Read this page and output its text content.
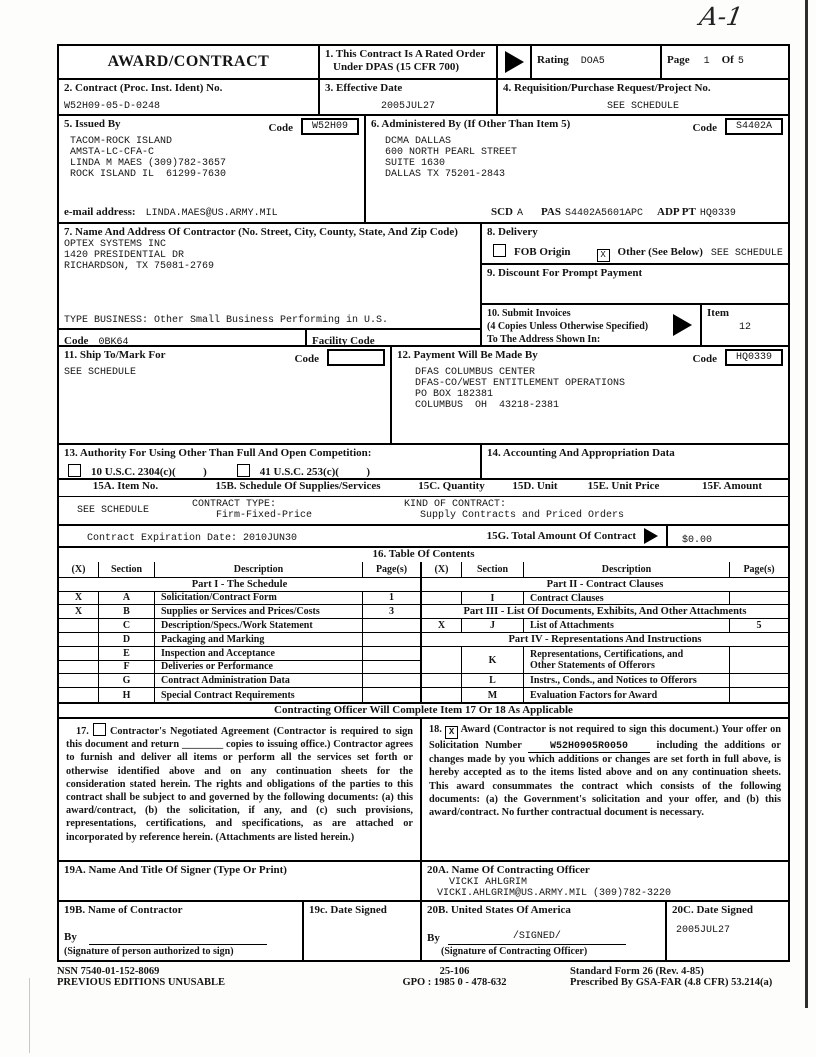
A-1
AWARD/CONTRACT	1. This Contract Is A Rated Order
Under DPAS (15 CFR 700)
Rating DOA5	Page 1 Of 5
2. Contract (Proc. Inst. Ident) No.
W52H09-05-D-0248
3. Effective Date
2005JUL27
4. Requisition/Purchase Request/Project No.
SEE SCHEDULE
5. Issued By	Code W52H09
TACOM-ROCK ISLAND
AMSTA-LC-CFA-C
LINDA M MAES (309)782-3657
ROCK ISLAND IL  61299-7630
e-mail address: LINDA.MAES@US.ARMY.MIL
6. Administered By (If Other Than Item 5)	Code S4402A
DCMA DALLAS
600 NORTH PEARL STREET
SUITE 1630
DALLAS TX 75201-2843
SCD A PAS S4402A5601APC ADP PT HQ0339
7. Name And Address Of Contractor (No. Street, City, County, State, And Zip Code)
OPTEX SYSTEMS INC
1420 PRESIDENTIAL DR
RICHARDSON, TX 75081-2769
TYPE BUSINESS: Other Small Business Performing in U.S.
Code 0BK64	Facility Code
8. Delivery
FOB Origin	X Other (See Below) SEE SCHEDULE
9. Discount For Prompt Payment
10. Submit Invoices
(4 Copies Unless Otherwise Specified)
To The Address Shown In:
Item
12
11. Ship To/Mark For	Code
SEE SCHEDULE
12. Payment Will Be Made By	Code HQ0339
DFAS COLUMBUS CENTER
DFAS-CO/WEST ENTITLEMENT OPERATIONS
PO BOX 182381
COLUMBUS  OH  43218-2381
13. Authority For Using Other Than Full And Open Competition:
10 U.S.C. 2304(c)(          )	41 U.S.C. 253(c)(          )
14. Accounting And Appropriation Data
15A. Item No.	15B. Schedule Of Supplies/Services	15C. Quantity	15D. Unit	15E. Unit Price	15F. Amount
SEE SCHEDULE
CONTRACT TYPE:
Firm-Fixed-Price
KIND OF CONTRACT:
Supply Contracts and Priced Orders
Contract Expiration Date: 2010JUN30	15G. Total Amount Of Contract	$0.00
16. Table Of Contents
(X)	Section	Description	Page(s)
Part I - The Schedule
X	A	Solicitation/Contract Form	1
X	B	Supplies or Services and Prices/Costs	3
C	Description/Specs./Work Statement
D	Packaging and Marking
E	Inspection and Acceptance
F	Deliveries or Performance
G	Contract Administration Data
H	Special Contract Requirements
(X)	Section	Description	Page(s)
Part II - Contract Clauses
I	Contract Clauses
Part III - List Of Documents, Exhibits, And Other Attachments
X	J	List of Attachments	5
Part IV - Representations And Instructions
K	Representations, Certifications, and
Other Statements of Offerors
L	Instrs., Conds., and Notices to Offerors
M	Evaluation Factors for Award
Contracting Officer Will Complete Item 17 Or 18 As Applicable

17. Contractor's Negotiated Agreement (Contractor is required to sign this document and return ________ copies to issuing office.) Contractor agrees to furnish and deliver all items or perform all the services set forth or otherwise identified above and on any continuation sheets for the consideration stated herein. The rights and obligations of the parties to this contract shall be subject to and governed by the following documents: (a) this award/contract, (b) the solicitation, if any, and (c) such provisions, representations, certifications, and specifications, as are attached or incorporated by reference herein. (Attachments are listed herein.)

18. X Award (Contractor is not required to sign this document.) Your offer on Solicitation Number	W52H0905R0050	including the additions or changes made by you which additions or changes are set forth in full above, is hereby accepted as to the items listed above and on any continuation sheets. This award consummates the contract which consists of the following documents: (a) the Government's solicitation and your offer, and (b) this award/contract. No further contractual document is necessary.

19A. Name And Title Of Signer (Type Or Print)	20A. Name Of Contracting Officer
VICKI AHLGRIM
VICKI.AHLGRIM@US.ARMY.MIL (309)782-3220
19B. Name of Contractor
By
(Signature of person authorized to sign)
19c. Date Signed	20B. United States Of America
By	/SIGNED/
(Signature of Contracting Officer)
20C. Date Signed
2005JUL27
NSN 7540-01-152-8069
PREVIOUS EDITIONS UNUSABLE
25-106
GPO : 1985 0 - 478-632
Standard Form 26 (Rev. 4-85)
Prescribed By GSA-FAR (4.8 CFR) 53.214(a)
